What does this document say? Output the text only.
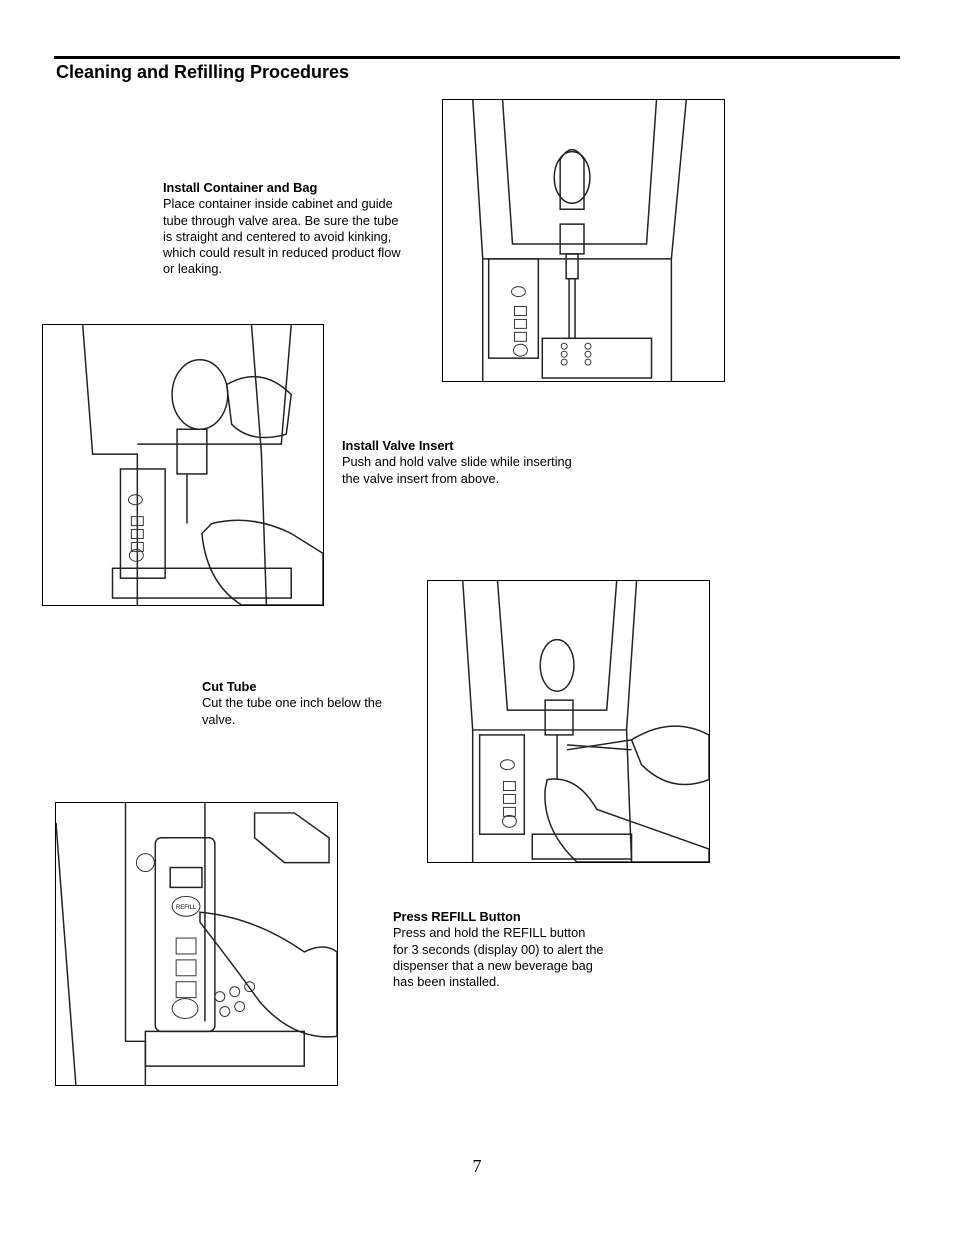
Cleaning and Refilling Procedures
Install Container and Bag
Place container inside cabinet and guide
tube through valve area. Be sure the tube
is straight and centered to avoid kinking,
which could result in reduced product flow
or leaking.
Install Valve Insert
Push and hold valve slide while inserting
the valve insert from above.
Cut Tube
Cut the tube one inch below the
valve.
REFILL
Press REFILL Button
Press and hold the REFILL button
for 3 seconds (display 00) to alert the
dispenser that a new beverage bag
has been installed.
7
